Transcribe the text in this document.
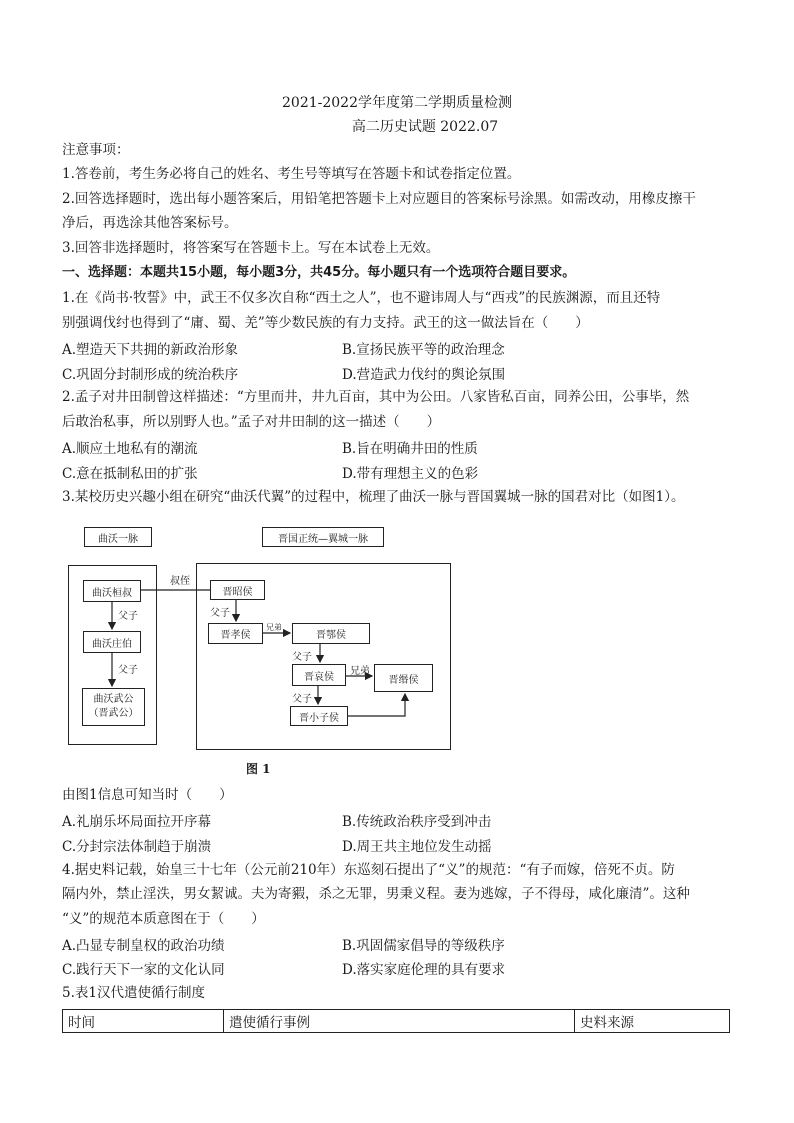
2021-2022学年度第二学期质量检测
高二历史试题 2022.07
注意事项：
1.答卷前，考生务必将自己的姓名、考生号等填写在答题卡和试卷指定位置。
2.回答选择题时，选出每小题答案后，用铅笔把答题卡上对应题目的答案标号涂黑。如需改动，用橡皮擦干
净后，再选涂其他答案标号。
3.回答非选择题时，将答案写在答题卡上。写在本试卷上无效。
一、选择题：本题共15小题，每小题3分，共45分。每小题只有一个选项符合题目要求。
1.在《尚书·牧誓》中，武王不仅多次自称“西土之人”，也不避讳周人与“西戎”的民族渊源，而且还特
别强调伐纣也得到了“庸、蜀、羌”等少数民族的有力支持。武王的这一做法旨在（　　）
A.塑造天下共拥的新政治形象	B.宣扬民族平等的政治理念
C.巩固分封制形成的统治秩序	D.营造武力伐纣的舆论氛围
2.孟子对井田制曾这样描述：“方里而井，井九百亩，其中为公田。八家皆私百亩，同养公田，公事毕，然
后敢治私事，所以别野人也。”孟子对井田制的这一描述（　　）
A.顺应土地私有的潮流	B.旨在明确井田的性质
C.意在抵制私田的扩张	D.带有理想主义的色彩
3.某校历史兴趣小组在研究“曲沃代翼”的过程中，梳理了曲沃一脉与晋国翼城一脉的国君对比（如图1）。
曲沃一脉	晋国正统—翼城一脉
曲沃桓叔
曲沃庄伯
曲沃武公
（晋武公）
晋昭侯
晋孝侯	晋鄂侯
晋哀侯	晋缗侯
晋小子侯
叔侄
父子
父子
父子
兄弟
父子
兄弟
父子
图 1
由图1信息可知当时（　　）
A.礼崩乐坏局面拉开序幕	B.传统政治秩序受到冲击
C.分封宗法体制趋于崩溃	D.周王共主地位发生动摇
4.据史料记载，始皇三十七年（公元前210年）东巡刻石提出了“义”的规范：“有子而嫁，倍死不贞。防
隔内外，禁止淫泆，男女絜诚。夫为寄豭，杀之无罪，男秉义程。妻为逃嫁，子不得母，咸化廉清”。这种
“义”的规范本质意图在于（　　）
A.凸显专制皇权的政治功绩	B.巩固儒家倡导的等级秩序
C.践行天下一家的文化认同	D.落实家庭伦理的具有要求
5.表1汉代遣使循行制度
时间	遣使循行事例	史料来源
